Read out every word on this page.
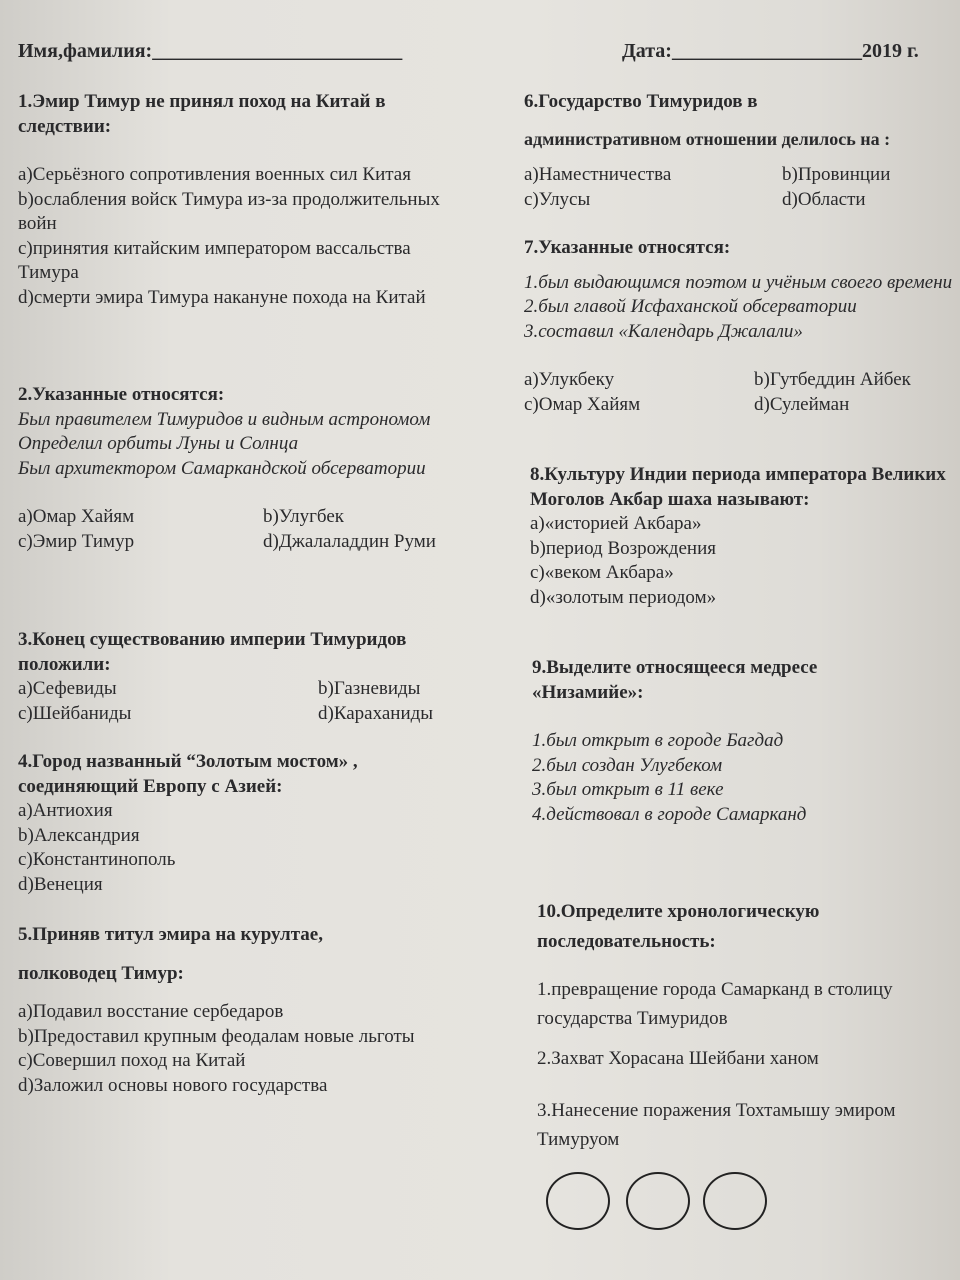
Имя,фамилия:_________________________	Дата:___________________2019 г.

1.Эмир Тимур не принял поход на Китай в следствии:

a)Серьёзного сопротивления военных сил Китая

b)ослабления войск Тимура из-за продолжительных войн

c)принятия китайским императором вассальства Тимура

d)смерти эмира Тимура накануне похода на Китай

2.Указанные относятся:

Был правителем Тимуридов и видным астрономом

Определил орбиты Луны и Солнца

Был архитектором Самаркандской обсерватории

a)Омар Хайям	b)Улугбек

c)Эмир Тимур	d)Джалаладдин Руми

3.Конец существованию империи Тимуридов положили:

a)Сефевиды	b)Газневиды

c)Шейбаниды	d)Караханиды

4.Город названный “Золотым мостом» , соединяющий Европу с Азией:

a)Антиохия

b)Александрия

c)Константинополь

d)Венеция

5.Приняв титул эмира на курултае,

полководец Тимур:

a)Подавил восстание сербедаров

b)Предоставил крупным феодалам новые льготы

c)Совершил поход на Китай

d)Заложил основы нового государства

6.Государство Тимуридов в

административном отношении делилось на :

a)Наместничества	b)Провинции

c)Улусы	d)Области

7.Указанные относятся:

1.был выдающимся поэтом и учёным своего времени

2.был главой Исфаханской обсерватории

3.составил «Календарь Джалали»

a)Улукбеку	b)Гутбеддин Айбек

c)Омар Хайям	d)Сулейман

8.Культуру Индии периода императора Великих Моголов Акбар шаха называют:

a)«историей Акбара»

b)период Возрождения

c)«веком Акбара»

d)«золотым периодом»

9.Выделите относящееся медресе «Низамийе»:

1.был открыт в городе Багдад

2.был создан Улугбеком

3.был открыт в 11 веке

4.действовал в городе Самарканд

10.Определите хронологическую последовательность:

1.превращение города Самарканд в столицу государства Тимуридов

2.Захват Хорасана Шейбани ханом

3.Нанесение поражения Тохтамышу эмиром Тимуруом
